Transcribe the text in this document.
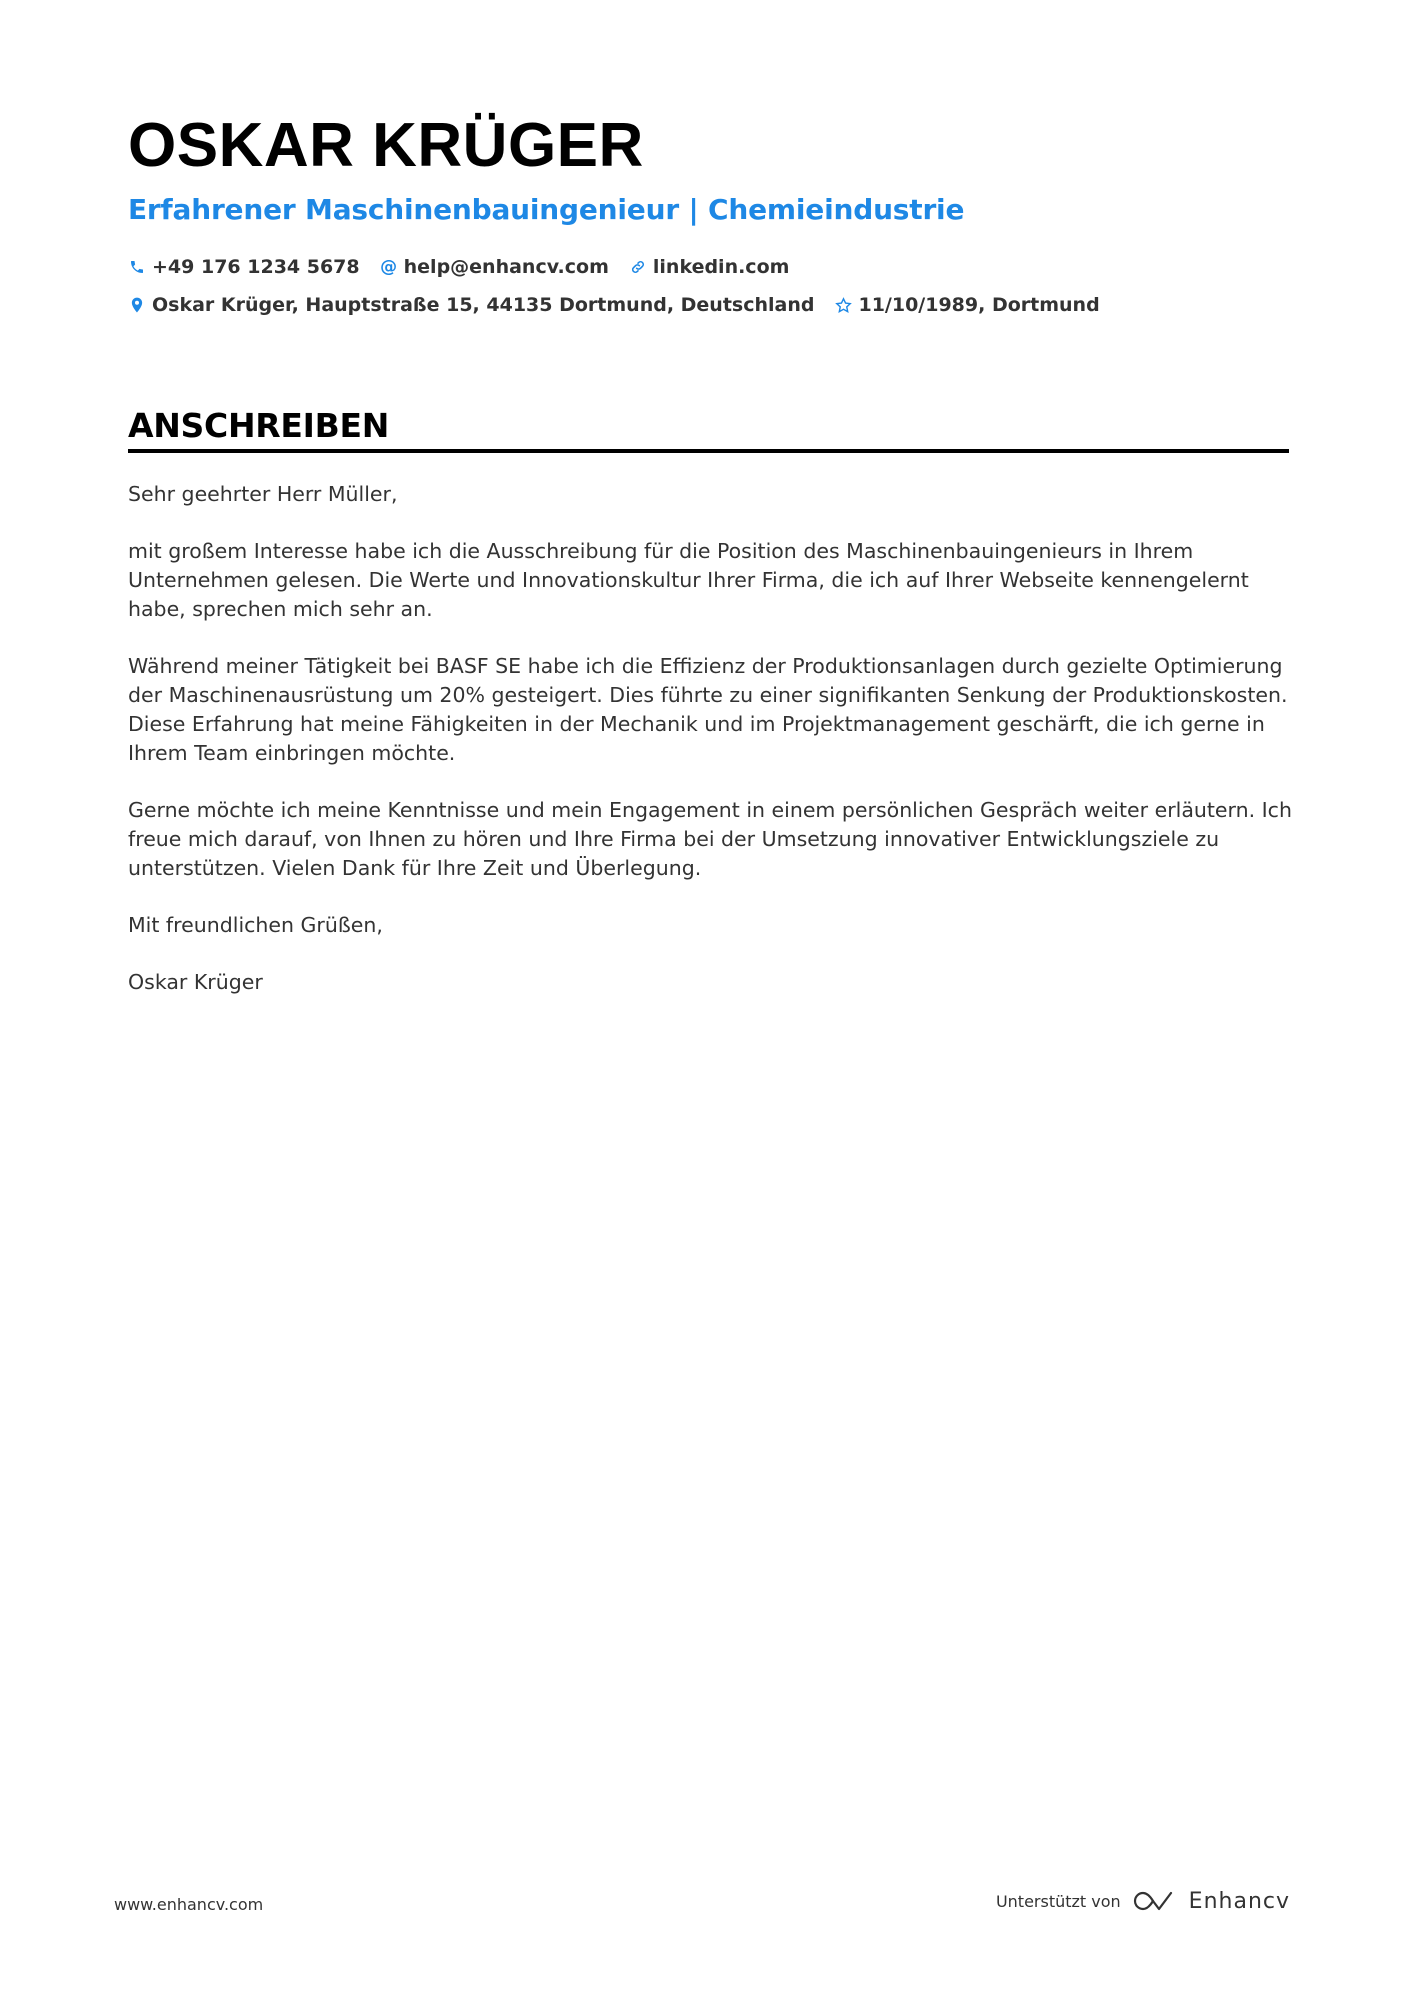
OSKAR KRÜGER
Erfahrener Maschinenbauingenieur | Chemieindustrie
+49 176 1234 5678 @ help@enhancv.com linkedin.com
Oskar Krüger, Hauptstraße 15, 44135 Dortmund, Deutschland 11/10/1989, Dortmund
ANSCHREIBEN

Sehr geehrter Herr Müller,

mit großem Interesse habe ich die Ausschreibung für die Position des Maschinenbauingenieurs in Ihrem Unternehmen gelesen. Die Werte und Innovationskultur Ihrer Firma, die ich auf Ihrer Webseite kennengelernt habe, sprechen mich sehr an.

Während meiner Tätigkeit bei BASF SE habe ich die Effizienz der Produktionsanlagen durch gezielte Optimierung der Maschinenausrüstung um 20% gesteigert. Dies führte zu einer signifikanten Senkung der Produktionskosten. Diese Erfahrung hat meine Fähigkeiten in der Mechanik und im Projektmanagement geschärft, die ich gerne in Ihrem Team einbringen möchte.

Gerne möchte ich meine Kenntnisse und mein Engagement in einem persönlichen Gespräch weiter erläutern. Ich freue mich darauf, von Ihnen zu hören und Ihre Firma bei der Umsetzung innovativer Entwicklungsziele zu unterstützen. Vielen Dank für Ihre Zeit und Überlegung.

Mit freundlichen Grüßen,

Oskar Krüger

www.enhancv.com	Unterstützt von	Enhancv
